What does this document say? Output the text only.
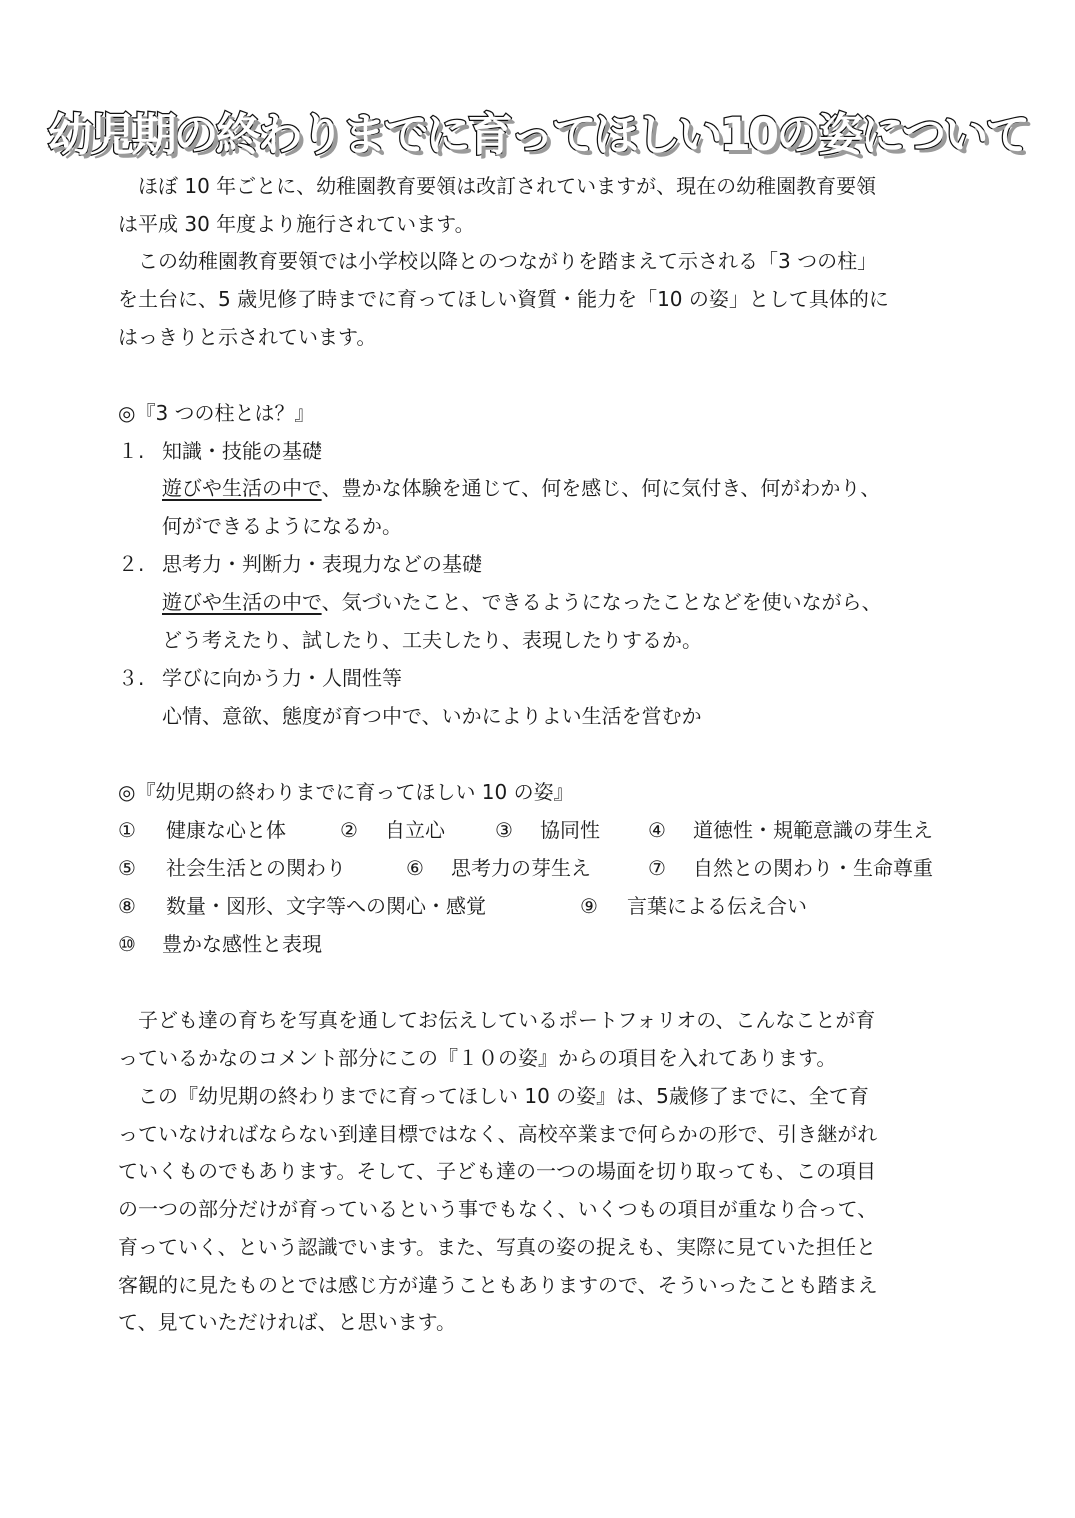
幼児期の終わりまでに育ってほしい10の姿について
　ほぼ 10 年ごとに、幼稚園教育要領は改訂されていますが、現在の幼稚園教育要領
は平成 30 年度より施行されています。
　この幼稚園教育要領では小学校以降とのつながりを踏まえて示される「3 つの柱」
を土台に、5 歳児修了時までに育ってほしい資質・能力を「10 の姿」として具体的に
はっきりと示されています。
◎『3 つの柱とは？』
１. 知識・技能の基礎
遊びや生活の中で、豊かな体験を通じて、何を感じ、何に気付き、何がわかり、
何ができるようになるか。
２. 思考力・判断力・表現力などの基礎
遊びや生活の中で、気づいたこと、できるようになったことなどを使いながら、
どう考えたり、試したり、工夫したり、表現したりするか。
３. 学びに向かう力・人間性等
心情、意欲、態度が育つ中で、いかによりよい生活を営むか
◎『幼児期の終わりまでに育ってほしい 10 の姿』
① 健康な心と体	② 自立心	③ 協同性 ④ 道徳性・規範意識の芽生え
⑤ 社会生活との関わり	⑥ 思考力の芽生え	⑦ 自然との関わり・生命尊重
⑧ 数量・図形、文字等への関心・感覚	⑨ 言葉による伝え合い
⑩ 豊かな感性と表現
　子ども達の育ちを写真を通してお伝えしているポートフォリオの、こんなことが育
っているかなのコメント部分にこの『１０の姿』からの項目を入れてあります。
　この『幼児期の終わりまでに育ってほしい 10 の姿』は、5歳修了までに、全て育
っていなければならない到達目標ではなく、高校卒業まで何らかの形で、引き継がれ
ていくものでもあります。そして、子ども達の一つの場面を切り取っても、この項目
の一つの部分だけが育っているという事でもなく、いくつもの項目が重なり合って、
育っていく、という認識でいます。また、写真の姿の捉えも、実際に見ていた担任と
客観的に見たものとでは感じ方が違うこともありますので、そういったことも踏まえ
て、見ていただければ、と思います。
